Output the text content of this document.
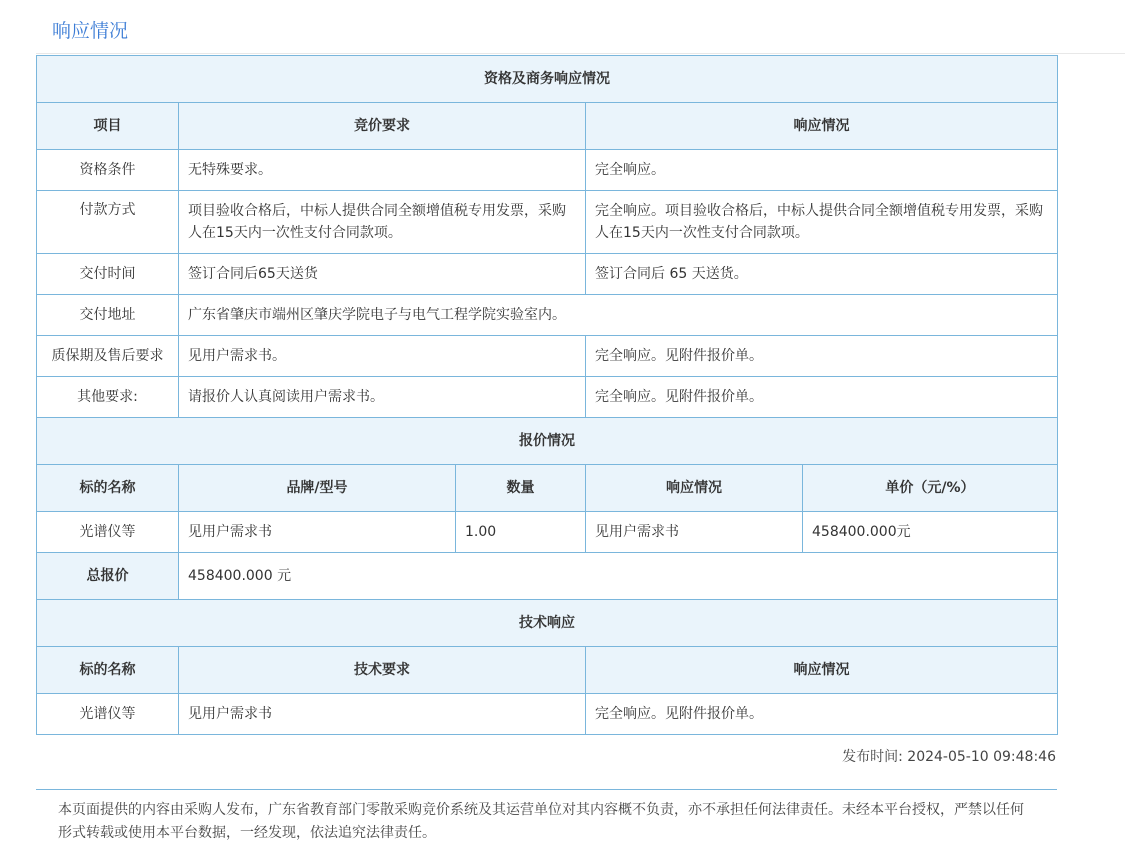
响应情况
资格及商务响应情况				
项目	竞价要求		响应情况	
资格条件	无特殊要求。		完全响应。	
付款方式	项目验收合格后，中标人提供合同全额增值税专用发票，采购人在15天内一次性支付合同款项。		完全响应。项目验收合格后，中标人提供合同全额增值税专用发票，采购人在15天内一次性支付合同款项。	
交付时间	签订合同后65天送货		签订合同后 65 天送货。	
交付地址	广东省肇庆市端州区肇庆学院电子与电气工程学院实验室内。			
质保期及售后要求	见用户需求书。		完全响应。见附件报价单。	
其他要求:	请报价人认真阅读用户需求书。		完全响应。见附件报价单。	
报价情况				
标的名称	品牌/型号	数量	响应情况	单价（元/%）
光谱仪等	见用户需求书	1.00	见用户需求书	458400.000元
总报价	458400.000 元			
技术响应				
标的名称	技术要求		响应情况	
光谱仪等	见用户需求书		完全响应。见附件报价单。	
发布时间: 2024-05-10 09:48:46

本页面提供的内容由采购人发布，广东省教育部门零散采购竞价系统及其运营单位对其内容概不负责，亦不承担任何法律责任。未经本平台授权，严禁以任何形式转载或使用本平台数据，一经发现，依法追究法律责任。
